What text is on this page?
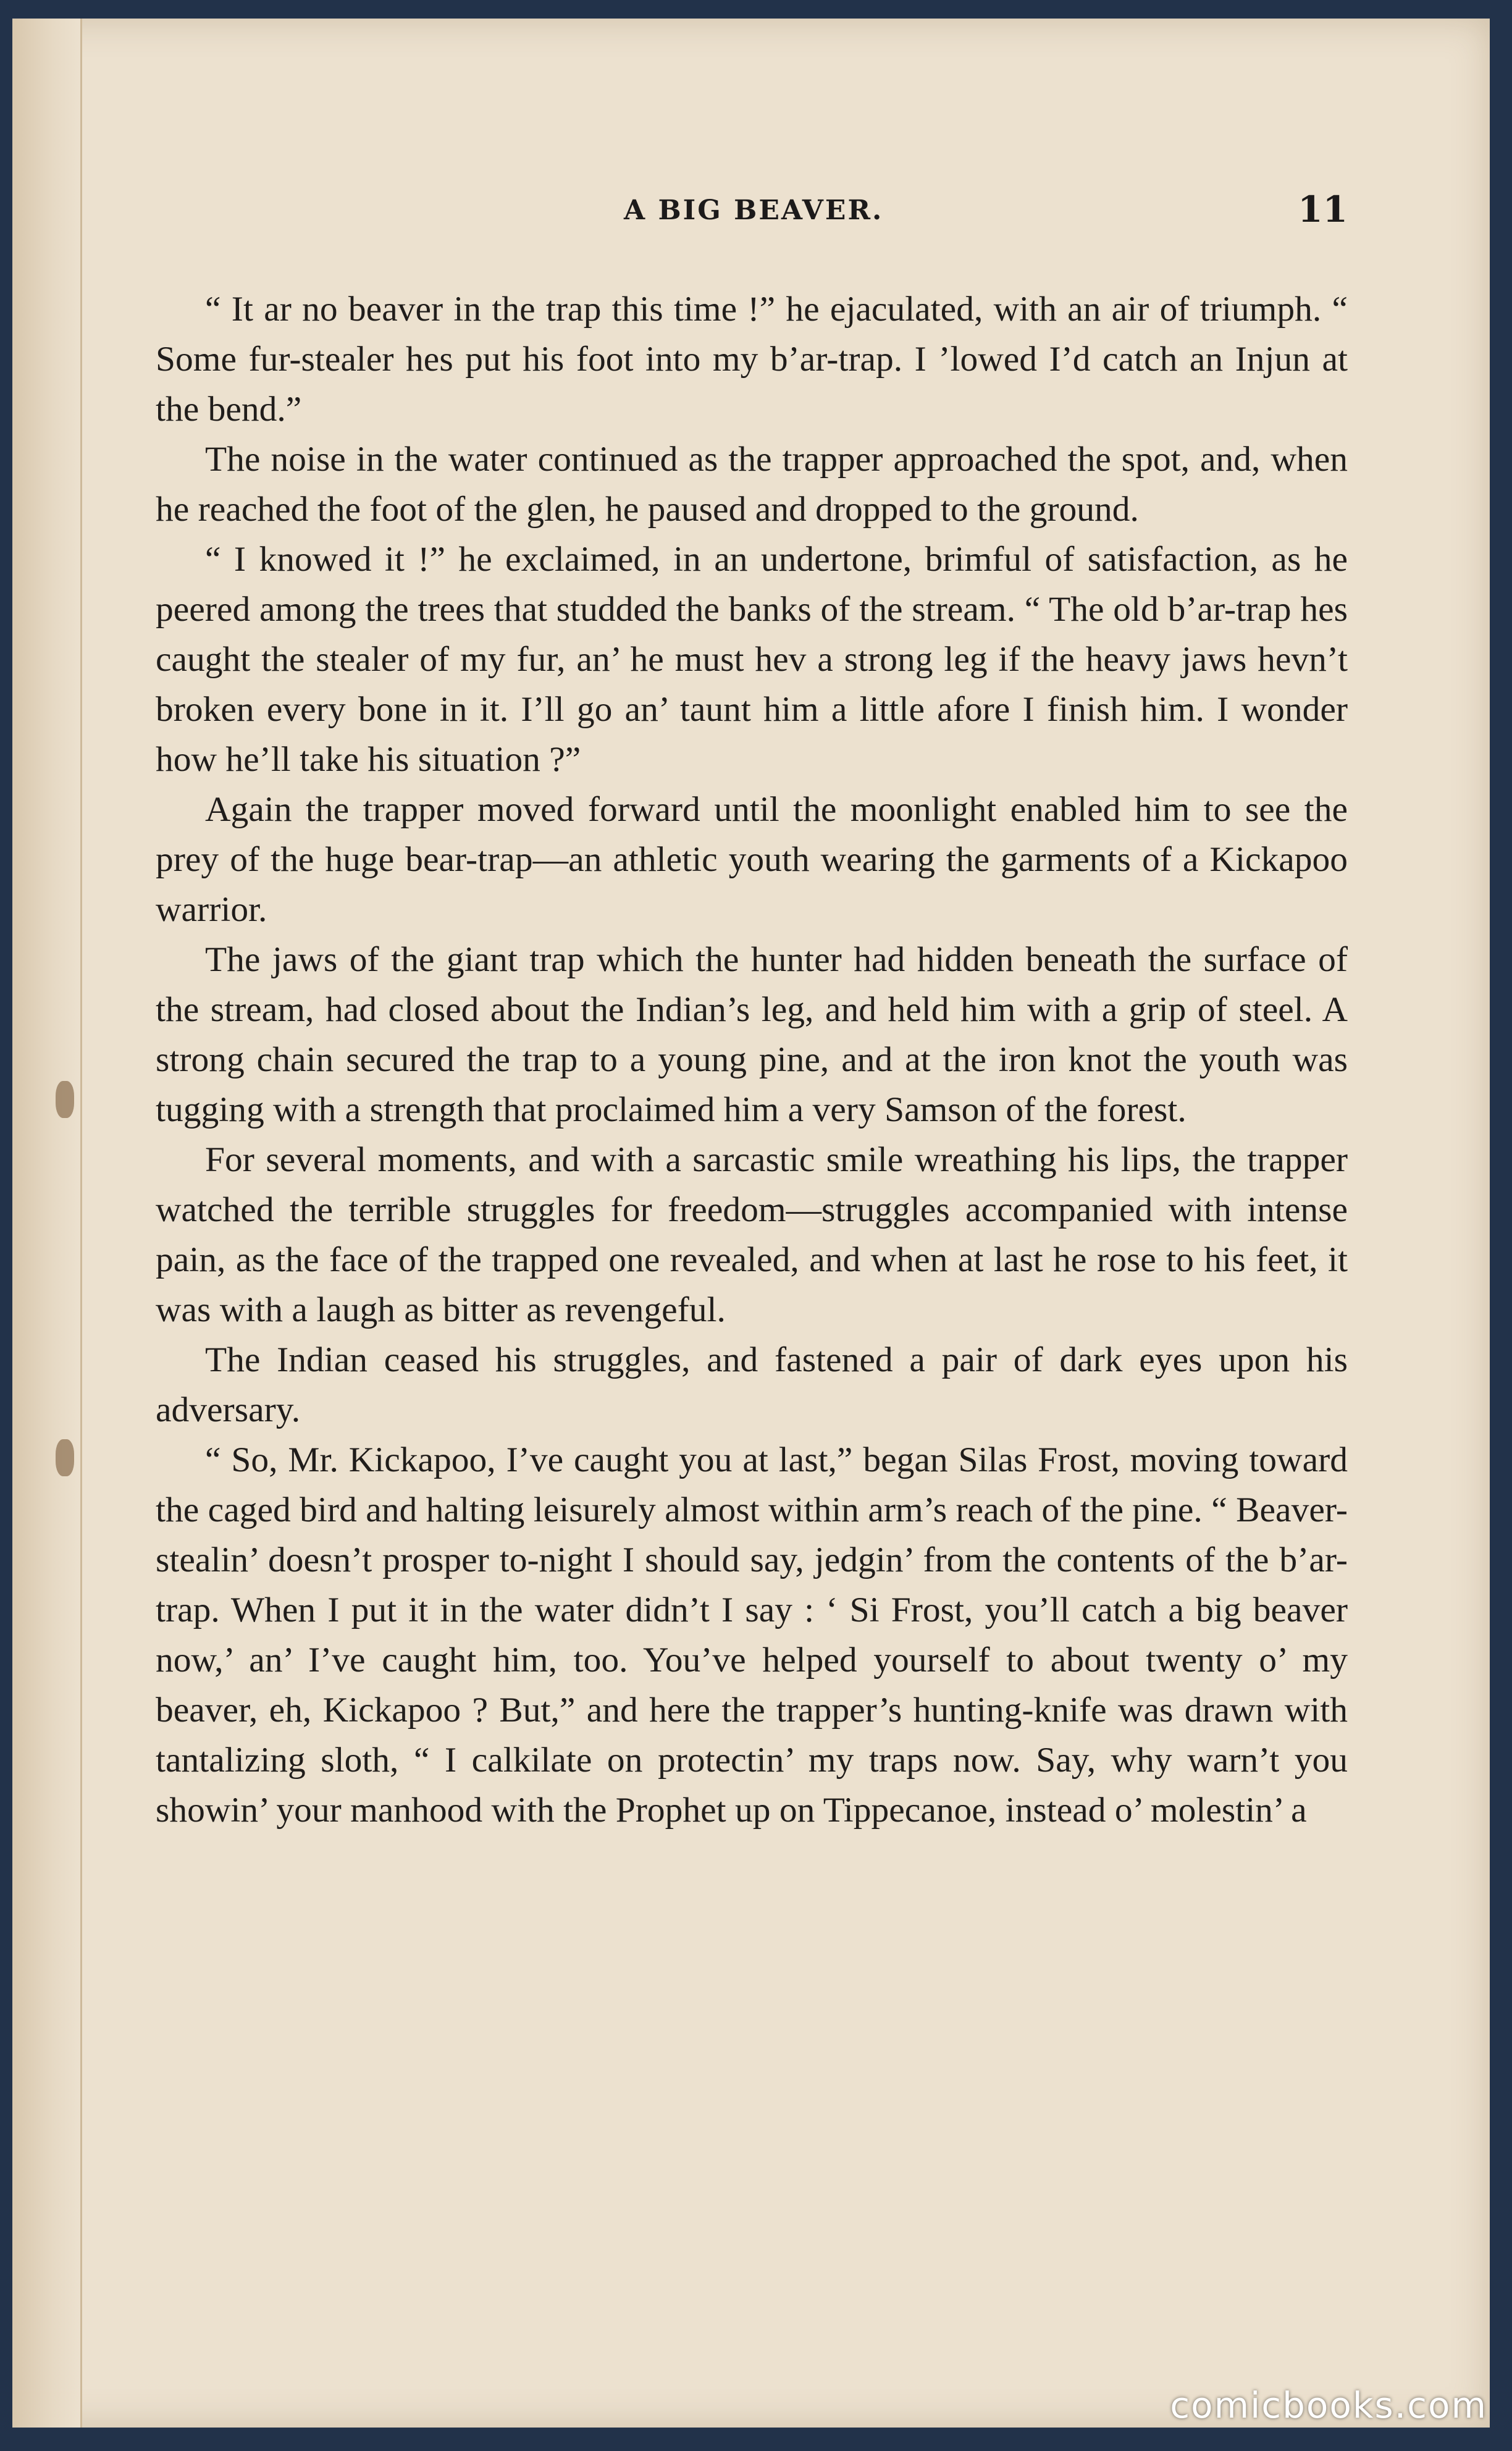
A BIG BEAVER.	11

“ It ar no beaver in the trap this time !” he ejaculated, with an air of triumph. “ Some fur-stealer hes put his foot into my b’ar-trap. I ’lowed I’d catch an Injun at the bend.”

The noise in the water continued as the trapper approached the spot, and, when he reached the foot of the glen, he paused and dropped to the ground.

“ I knowed it !” he exclaimed, in an undertone, brimful of satisfaction, as he peered among the trees that studded the banks of the stream. “ The old b’ar-trap hes caught the stealer of my fur, an’ he must hev a strong leg if the heavy jaws hevn’t broken every bone in it. I’ll go an’ taunt him a little afore I finish him. I wonder how he’ll take his situation ?”

Again the trapper moved forward until the moonlight enabled him to see the prey of the huge bear-trap—an athletic youth wearing the garments of a Kickapoo warrior.

The jaws of the giant trap which the hunter had hidden beneath the surface of the stream, had closed about the Indian’s leg, and held him with a grip of steel. A strong chain secured the trap to a young pine, and at the iron knot the youth was tugging with a strength that proclaimed him a very Samson of the forest.

For several moments, and with a sarcastic smile wreathing his lips, the trapper watched the terrible struggles for freedom—struggles accompanied with intense pain, as the face of the trapped one revealed, and when at last he rose to his feet, it was with a laugh as bitter as revengeful.

The Indian ceased his struggles, and fastened a pair of dark eyes upon his adversary.

“ So, Mr. Kickapoo, I’ve caught you at last,” began Silas Frost, moving toward the caged bird and halting leisurely almost within arm’s reach of the pine. “ Beaver-stealin’ doesn’t prosper to-night I should say, jedgin’ from the contents of the b’ar-trap. When I put it in the water didn’t I say : ‘ Si Frost, you’ll catch a big beaver now,’ an’ I’ve caught him, too. You’ve helped yourself to about twenty o’ my beaver, eh, Kickapoo ? But,” and here the trapper’s hunting-knife was drawn with tantalizing sloth, “ I calkilate on protectin’ my traps now. Say, why warn’t you showin’ your manhood with the Prophet up on Tippecanoe, instead o’ molestin’ a

comicbooks.com
